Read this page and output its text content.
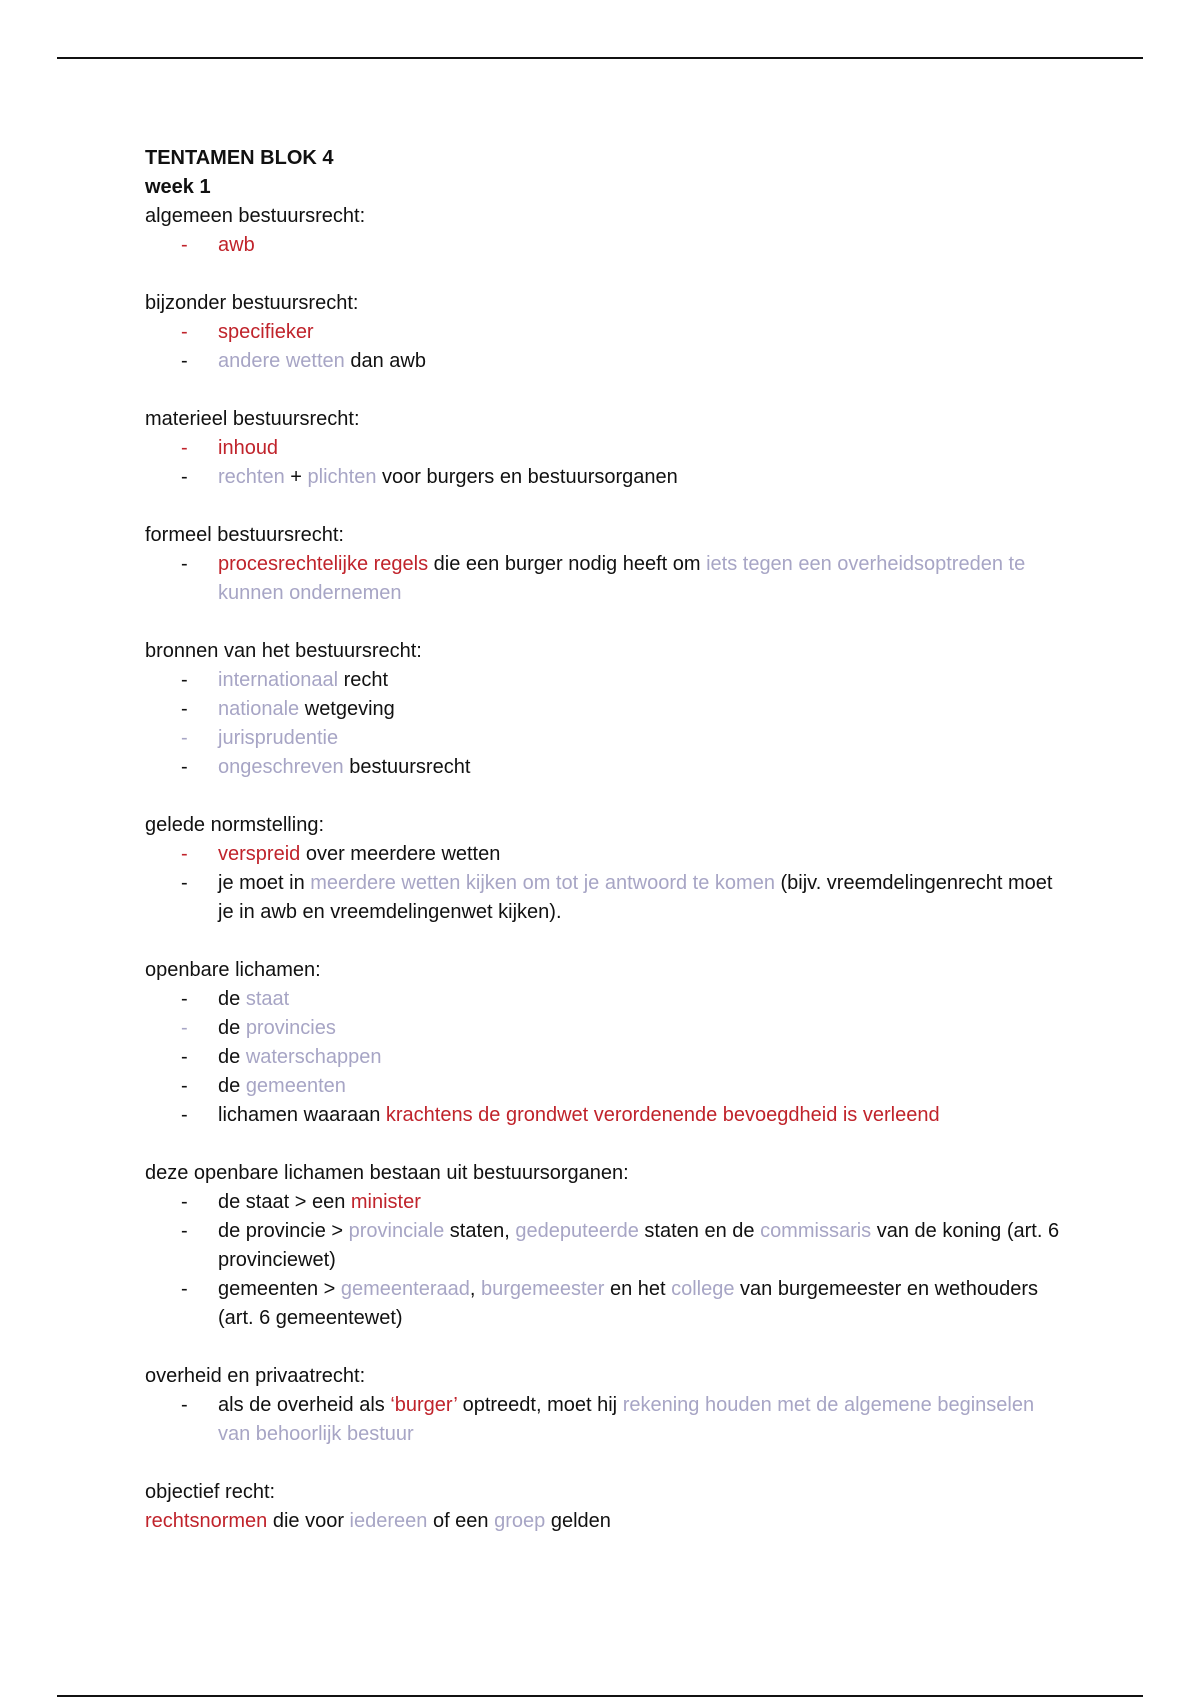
TENTAMEN BLOK 4
week 1
algemeen bestuursrecht:
-	awb
bijzonder bestuursrecht:
-	specifieker
-	andere wetten dan awb
materieel bestuursrecht:
-	inhoud
-	rechten + plichten voor burgers en bestuursorganen
formeel bestuursrecht:
-	procesrechtelijke regels die een burger nodig heeft om iets tegen een overheidsoptreden te kunnen ondernemen
bronnen van het bestuursrecht:
-	internationaal recht
-	nationale wetgeving
-	jurisprudentie
-	ongeschreven bestuursrecht
gelede normstelling:
-	verspreid over meerdere wetten
-	je moet in meerdere wetten kijken om tot je antwoord te komen (bijv. vreemdelingenrecht moet je in awb en vreemdelingenwet kijken).
openbare lichamen:
-	de staat
-	de provincies
-	de waterschappen
-	de gemeenten
-	lichamen waaraan krachtens de grondwet verordenende bevoegdheid is verleend
deze openbare lichamen bestaan uit bestuursorganen:
-	de staat > een minister
-	de provincie > provinciale staten, gedeputeerde staten en de commissaris van de koning (art. 6 provinciewet)
-	gemeenten > gemeenteraad, burgemeester en het college van burgemeester en wethouders (art. 6 gemeentewet)
overheid en privaatrecht:
-	als de overheid als ‘burger’ optreedt, moet hij rekening houden met de algemene beginselen van behoorlijk bestuur
objectief recht:
rechtsnormen die voor iedereen of een groep gelden
